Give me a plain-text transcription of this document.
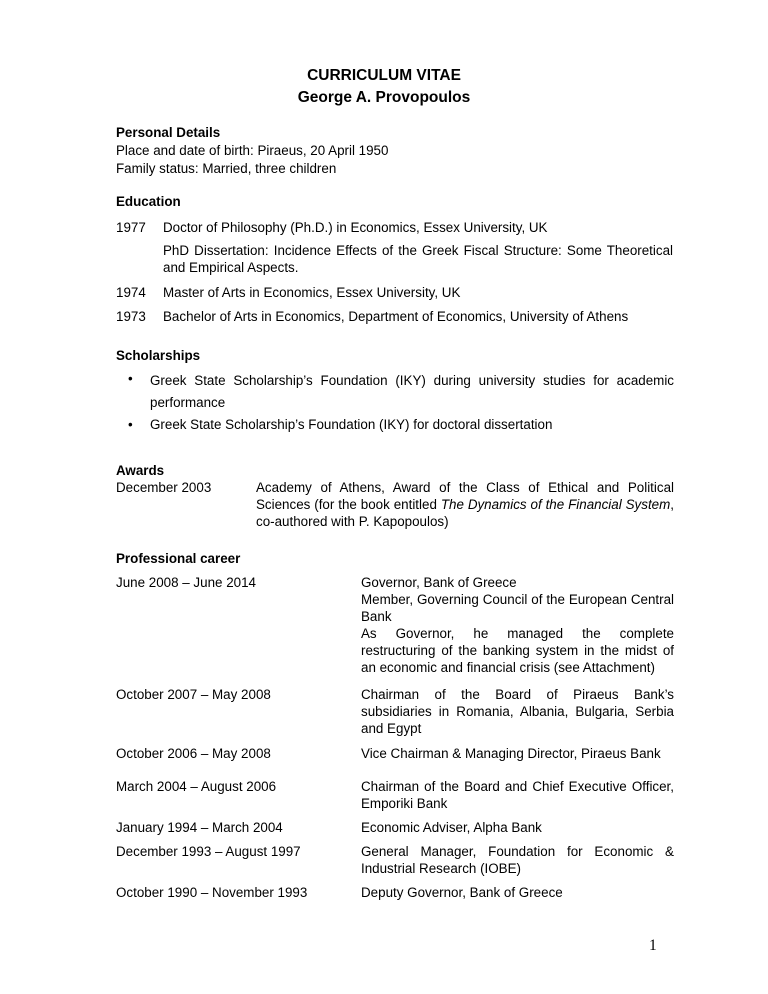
CURRICULUM VITAE
George A. Provopoulos
Personal Details
Place and date of birth: Piraeus, 20 April 1950
Family status: Married, three children
Education
1977 Doctor of Philosophy (Ph.D.) in Economics, Essex University, UK
PhD Dissertation: Incidence Effects of the Greek Fiscal Structure: Some Theoretical and Empirical Aspects.
1974 Master of Arts in Economics, Essex University, UK
1973 Bachelor of Arts in Economics, Department of Economics, University of Athens
Scholarships
• Greek State Scholarship’s Foundation (IKY) during university studies for academic performance
• Greek State Scholarship’s Foundation (IKY) for doctoral dissertation
Awards
December 2003	Academy of Athens, Award of the Class of Ethical and Political Sciences (for the book entitled The Dynamics of the Financial System, co-authored with P. Kapopoulos)
Professional career
June 2008 – June 2014	Governor, Bank of Greece
Member, Governing Council of the European Central Bank
As Governor, he managed the complete restructuring of the banking system in the midst of an economic and financial crisis (see Attachment)
October 2007 – May 2008	Chairman of the Board of Piraeus Bank’s subsidiaries in Romania, Albania, Bulgaria, Serbia and Egypt
October 2006 – May 2008	Vice Chairman & Managing Director, Piraeus Bank
March 2004 – August 2006	Chairman of the Board and Chief Executive Officer, Emporiki Bank
January 1994 – March 2004	Economic Adviser, Alpha Bank
December 1993 – August 1997	General Manager, Foundation for Economic & Industrial Research (IOBE)
October 1990 – November 1993	Deputy Governor, Bank of Greece
1
